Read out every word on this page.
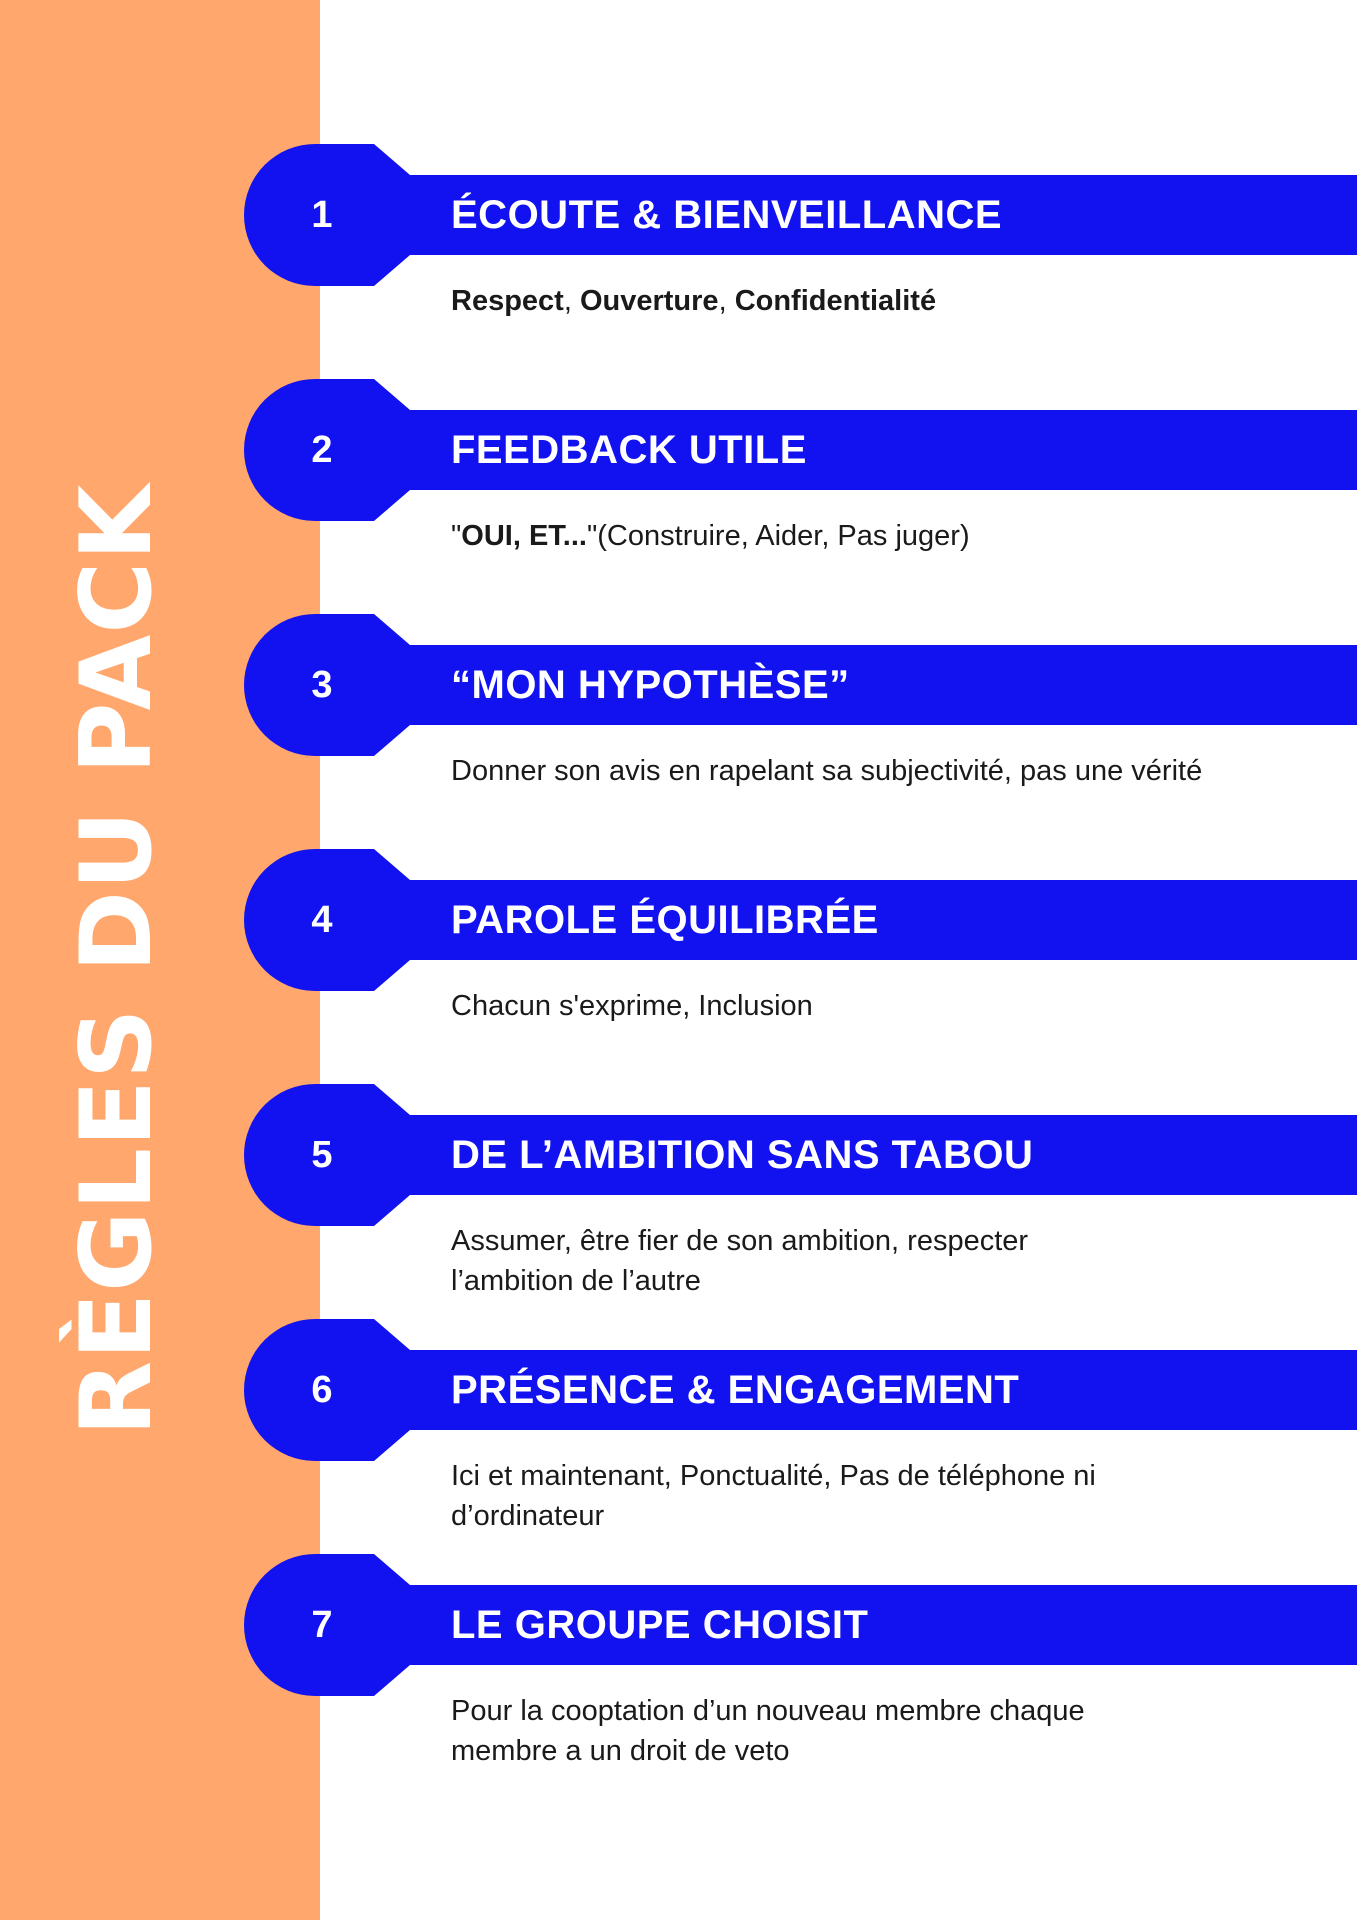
RÈGLES DU PACK
1	ÉCOUTE & BIENVEILLANCE
Respect, Ouverture, Confidentialité
2	FEEDBACK UTILE
"OUI, ET..."(Construire, Aider, Pas juger)
3	“MON HYPOTHÈSE”
Donner son avis en rapelant sa subjectivité, pas une vérité
4	PAROLE ÉQUILIBRÉE
Chacun s'exprime, Inclusion
5	DE L’AMBITION SANS TABOU
Assumer, être fier de son ambition, respecter l’ambition de l’autre
6	PRÉSENCE & ENGAGEMENT
Ici et maintenant, Ponctualité, Pas de téléphone ni d’ordinateur
7	LE GROUPE CHOISIT
Pour la cooptation d’un nouveau membre chaque membre a un droit de veto
